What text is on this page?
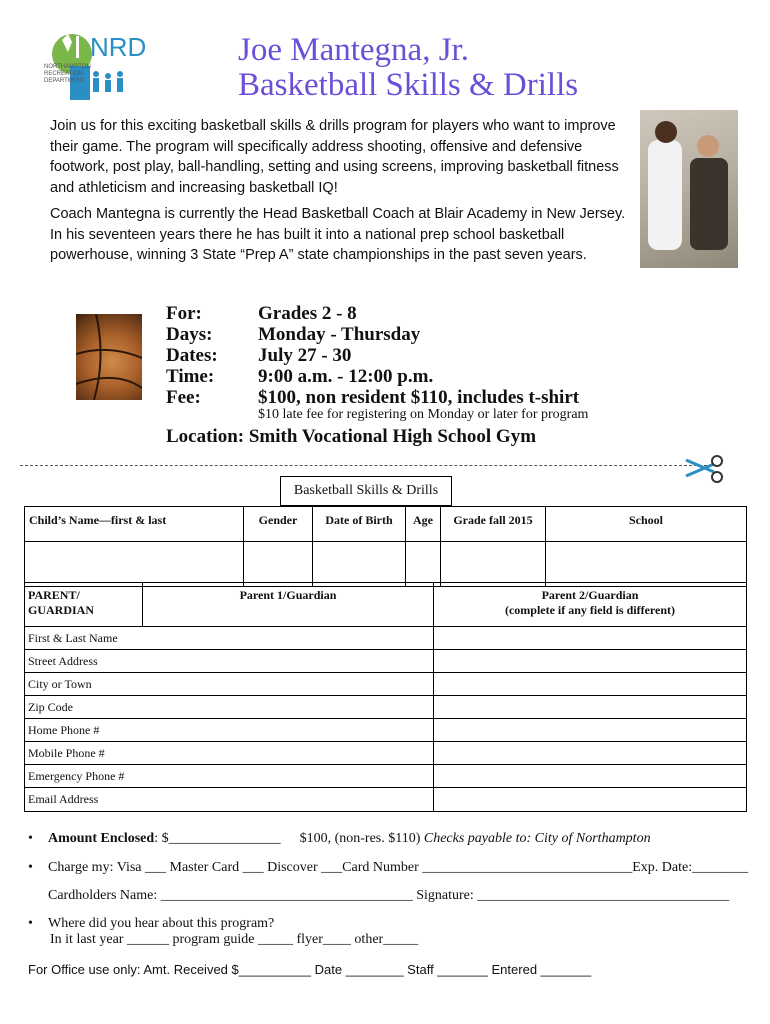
NRD
NORTHAMPTON
RECREATION
DEPARTMENT
Joe Mantegna, Jr.
Basketball Skills & Drills
Join us for this exciting basketball skills & drills program for players who want to improve their game. The program will specifically address shooting, offensive and defensive footwork, post play, ball-handling, setting and using screens, improving basketball fitness and athleticism and increasing basketball IQ!
Coach Mantegna is currently the Head Basketball Coach at Blair Academy in New Jersey. In his seventeen years there he has built it into a national prep school basketball powerhouse, winning 3 State “Prep A” state championships in the past seven years.
For:	Grades 2 - 8
Days: Monday - Thursday
Dates: July 27 - 30
Time: 9:00 a.m. - 12:00 p.m.
Fee:	$100, non resident $110, includes t-shirt
$10 late fee for registering on Monday or later for program
Location: Smith Vocational High School Gym
Basketball Skills & Drills
Child’s Name—first & last	Gender	Date of Birth	Age	Grade fall 2015	School

PARENT/ GUARDIAN	Parent 1/Guardian	Parent 2/Guardian
(complete if any field is different)

First & Last Name		
Street Address		
City or Town		
Zip Code		
Home Phone #		
Mobile Phone #		
Emergency Phone #		
Email Address		
• Amount Enclosed: $________________ $100, (non-res. $110) Checks payable to: City of Northampton
• Charge my: Visa ___ Master Card ___ Discover ___Card Number ______________________________Exp. Date:________
Cardholders Name: ____________________________________ Signature: ____________________________________
• Where did you hear about this program?
In it last year ______ program guide _____ flyer____ other_____
For Office use only: Amt. Received $__________ Date ________ Staff _______ Entered _______
